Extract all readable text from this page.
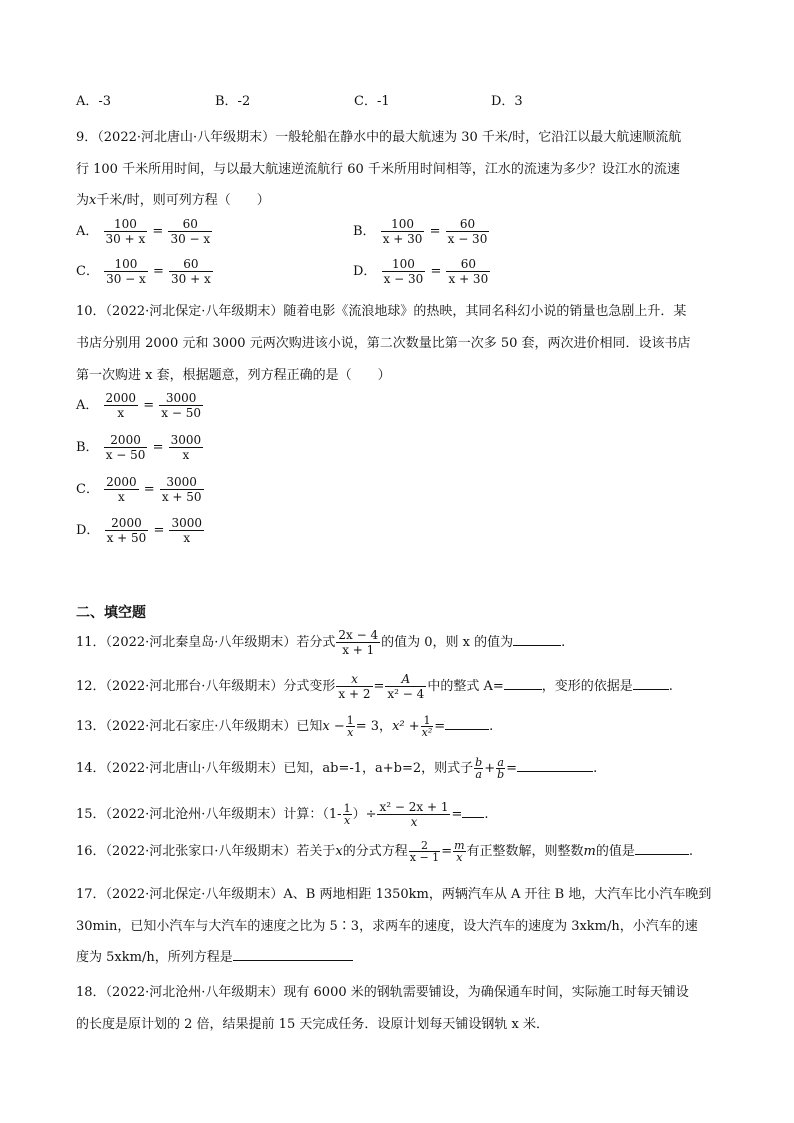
A．-3	B．-2	C．-1	D．3
9．（2022·河北唐山·八年级期末）一般轮船在静水中的最大航速为 30 千米/时，它沿江以最大航速顺流航
行 100 千米所用时间，与以最大航速逆流航行 60 千米所用时间相等，江水的流速为多少？设江水的流速
为x千米/时，则可列方程（　　）
A． $\frac{100}{30 + x} = \frac{60}{30 - x}$	B． $\frac{100}{x + 30} = \frac{60}{x - 30}$
C． $\frac{100}{30 - x} = \frac{60}{30 + x}$	D． $\frac{100}{x - 30} = \frac{60}{x + 30}$
10．（2022·河北保定·八年级期末）随着电影《流浪地球》的热映，其同名科幻小说的销量也急剧上升．某
书店分别用 2000 元和 3000 元两次购进该小说，第二次数量比第一次多 50 套，两次进价相同．设该书店
第一次购进 x 套，根据题意，列方程正确的是（　　）
A． $\frac{2000}{x} = \frac{3000}{x - 50}$
B． $\frac{2000}{x - 50} = \frac{3000}{x}$
C． $\frac{2000}{x} = \frac{3000}{x + 50}$
D． $\frac{2000}{x + 50} = \frac{3000}{x}$
二、填空题
11．（2022·河北秦皇岛·八年级期末）若分式 $\frac{2x - 4}{x + 1}$ 的值为 0，则 x 的值为	.
12．（2022·河北邢台·八年级期末）分式变形 $\frac{x}{x + 2} = \frac{A}{\text{x² − 4}}$ 中的整式 A=	，变形的依据是	.
13．（2022·河北石家庄·八年级期末）已知$x - \frac{1}{x} = 3$，$x^2 + \frac{1}{\text{x²}}$ =	.
14．（2022·河北唐山·八年级期末）已知，ab=-1，a+b=2，则式子 $\frac{b}{a} + \frac{a}{b}$ =	.
15．（2022·河北沧州·八年级期末）计算：（$1- \frac{1}{x}$ ）÷ $\frac{\text{x² − 2x + 1}}{x}$ = .
16．（2022·河北张家口·八年级期末）若关于x的分式方程 $\frac{2}{x - 1} = \frac{m}{x}$ 有正整数解，则整数m的值是	.
17．（2022·河北保定·八年级期末）A、B 两地相距 1350km，两辆汽车从 A 开往 B 地，大汽车比小汽车晚到
30min，已知小汽车与大汽车的速度之比为 5∶3，求两车的速度，设大汽车的速度为 3xkm/h，小汽车的速
度为 5xkm/h，所列方程是
18．（2022·河北沧州·八年级期末）现有 6000 米的钢轨需要铺设，为确保通车时间，实际施工时每天铺设
的长度是原计划的 2 倍，结果提前 15 天完成任务．设原计划每天铺设钢轨 x 米．
